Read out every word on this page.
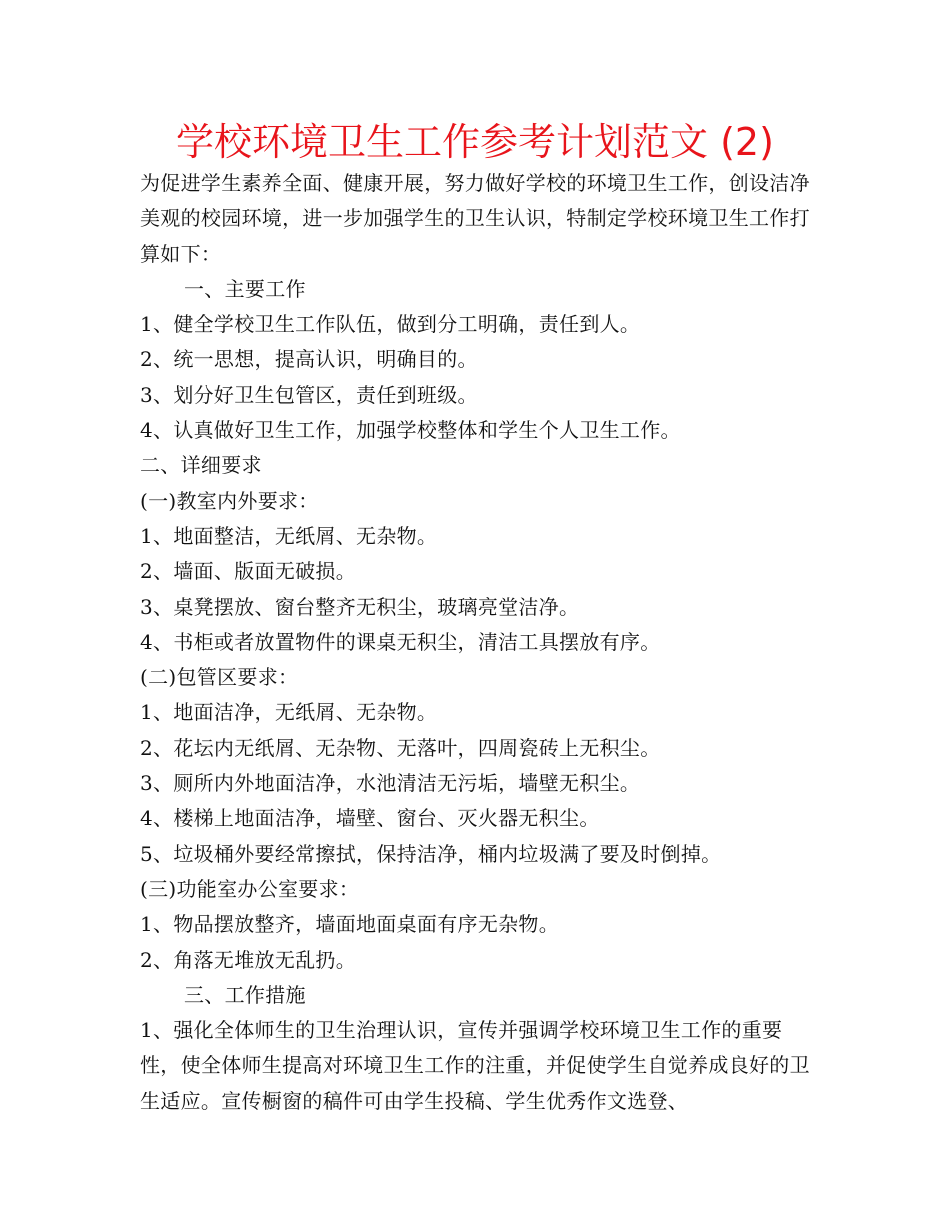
学校环境卫生工作参考计划范文 (2)

为促进学生素养全面、健康开展，努力做好学校的环境卫生工作，创设洁净美观的校园环境，进一步加强学生的卫生认识，特制定学校环境卫生工作打算如下：

一、主要工作

1、健全学校卫生工作队伍，做到分工明确，责任到人。

2、统一思想，提高认识，明确目的。

3、划分好卫生包管区，责任到班级。

4、认真做好卫生工作，加强学校整体和学生个人卫生工作。

二、详细要求

(一)教室内外要求：

1、地面整洁，无纸屑、无杂物。

2、墙面、版面无破损。

3、桌凳摆放、窗台整齐无积尘，玻璃亮堂洁净。

4、书柜或者放置物件的课桌无积尘，清洁工具摆放有序。

(二)包管区要求：

1、地面洁净，无纸屑、无杂物。

2、花坛内无纸屑、无杂物、无落叶，四周瓷砖上无积尘。

3、厕所内外地面洁净，水池清洁无污垢，墙壁无积尘。

4、楼梯上地面洁净，墙壁、窗台、灭火器无积尘。

5、垃圾桶外要经常擦拭，保持洁净，桶内垃圾满了要及时倒掉。

(三)功能室办公室要求：

1、物品摆放整齐，墙面地面桌面有序无杂物。

2、角落无堆放无乱扔。

三、工作措施

1、强化全体师生的卫生治理认识，宣传并强调学校环境卫生工作的重要性，使全体师生提高对环境卫生工作的注重，并促使学生自觉养成良好的卫生适应。宣传橱窗的稿件可由学生投稿、学生优秀作文选登、
